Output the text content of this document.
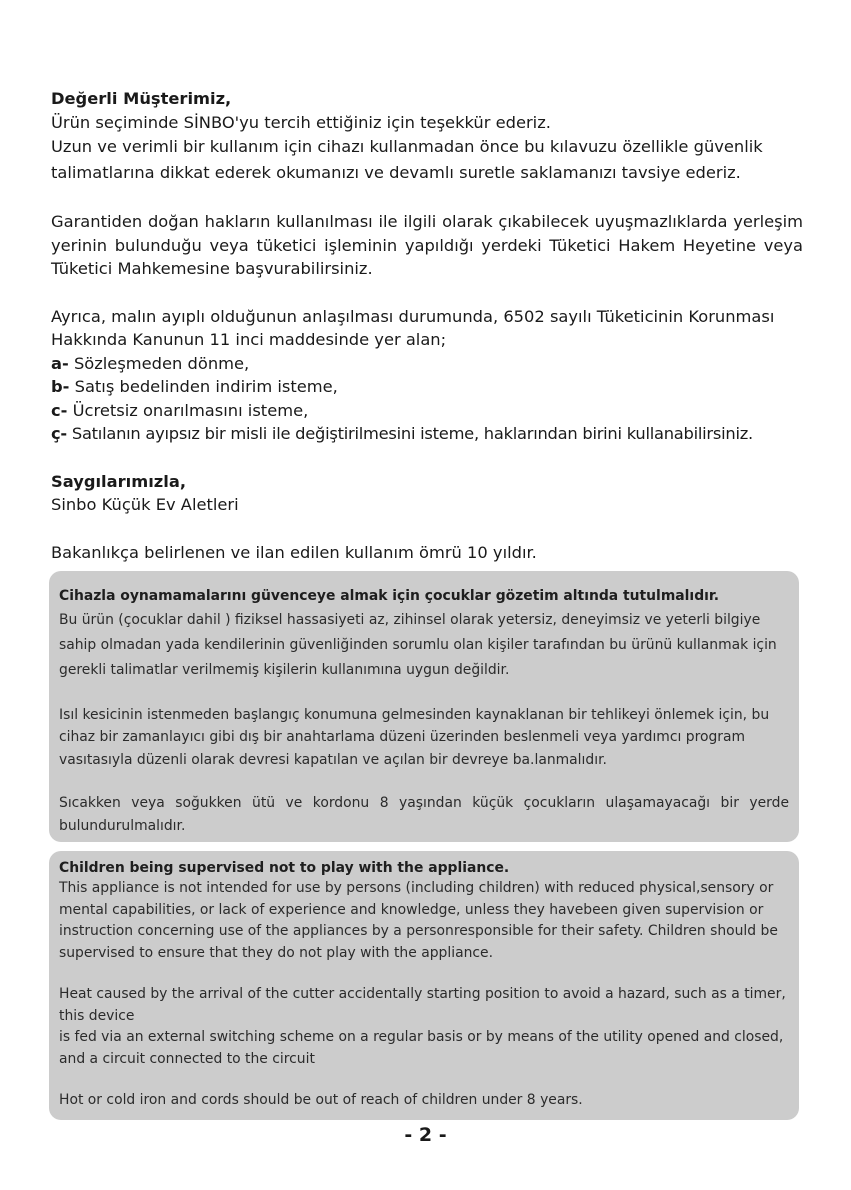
Değerli Müşterimiz,

Ürün seçiminde SİNBO'yu tercih ettiğiniz için teşekkür ederiz.

Uzun ve verimli bir kullanım için cihazı kullanmadan önce bu kılavuzu özellikle güvenlik talimatlarına dikkat ederek okumanızı ve devamlı suretle saklamanızı tavsiye ederiz.

Garantiden doğan hakların kullanılması ile ilgili olarak çıkabilecek uyuşmazlıklarda yerleşim yerinin bulunduğu veya tüketici işleminin yapıldığı yerdeki Tüketici Hakem Heyetine veya Tüketici Mahkemesine başvurabilirsiniz.

Ayrıca, malın ayıplı olduğunun anlaşılması durumunda, 6502 sayılı Tüketicinin Korunması Hakkında Kanunun 11 inci maddesinde yer alan;

a- Sözleşmeden dönme,

b- Satış bedelinden indirim isteme,

c- Ücretsiz onarılmasını isteme,

ç- Satılanın ayıpsız bir misli ile değiştirilmesini isteme, haklarından birini kullanabilirsiniz.

Saygılarımızla,

Sinbo Küçük Ev Aletleri

Bakanlıkça belirlenen ve ilan edilen kullanım ömrü 10 yıldır.

Cihazla oynamamalarını güvenceye almak için çocuklar gözetim altında tutulmalıdır.

Bu ürün (çocuklar dahil ) fiziksel hassasiyeti az, zihinsel olarak yetersiz, deneyimsiz ve yeterli bilgiye sahip olmadan yada kendilerinin güvenliğinden sorumlu olan kişiler tarafından bu ürünü kullanmak için gerekli talimatlar verilmemiş kişilerin kullanımına uygun değildir.

Isıl kesicinin istenmeden başlangıç konumuna gelmesinden kaynaklanan bir tehlikeyi önlemek için, bu cihaz bir zamanlayıcı gibi dış bir anahtarlama düzeni üzerinden beslenmeli veya yardımcı program vasıtasıyla düzenli olarak devresi kapatılan ve açılan bir devreye ba.lanmalıdır.

Sıcakken veya soğukken ütü ve kordonu 8 yaşından küçük çocukların ulaşamayacağı bir yerde bulundurulmalıdır.

Children being supervised not to play with the appliance.

This appliance is not intended for use by persons (including children) with reduced physical,sensory or mental capabilities, or lack of experience and knowledge, unless they havebeen given supervision or instruction concerning use of the appliances by a personresponsible for their safety. Children should be supervised to ensure that they do not play with the appliance.

Heat caused by the arrival of the cutter accidentally starting position to avoid a hazard, such as a timer, this device

is fed via an external switching scheme on a regular basis or by means of the utility opened and closed, and a circuit connected to the circuit

Hot or cold iron and cords should be out of reach of children under 8 years.

- 2 -
